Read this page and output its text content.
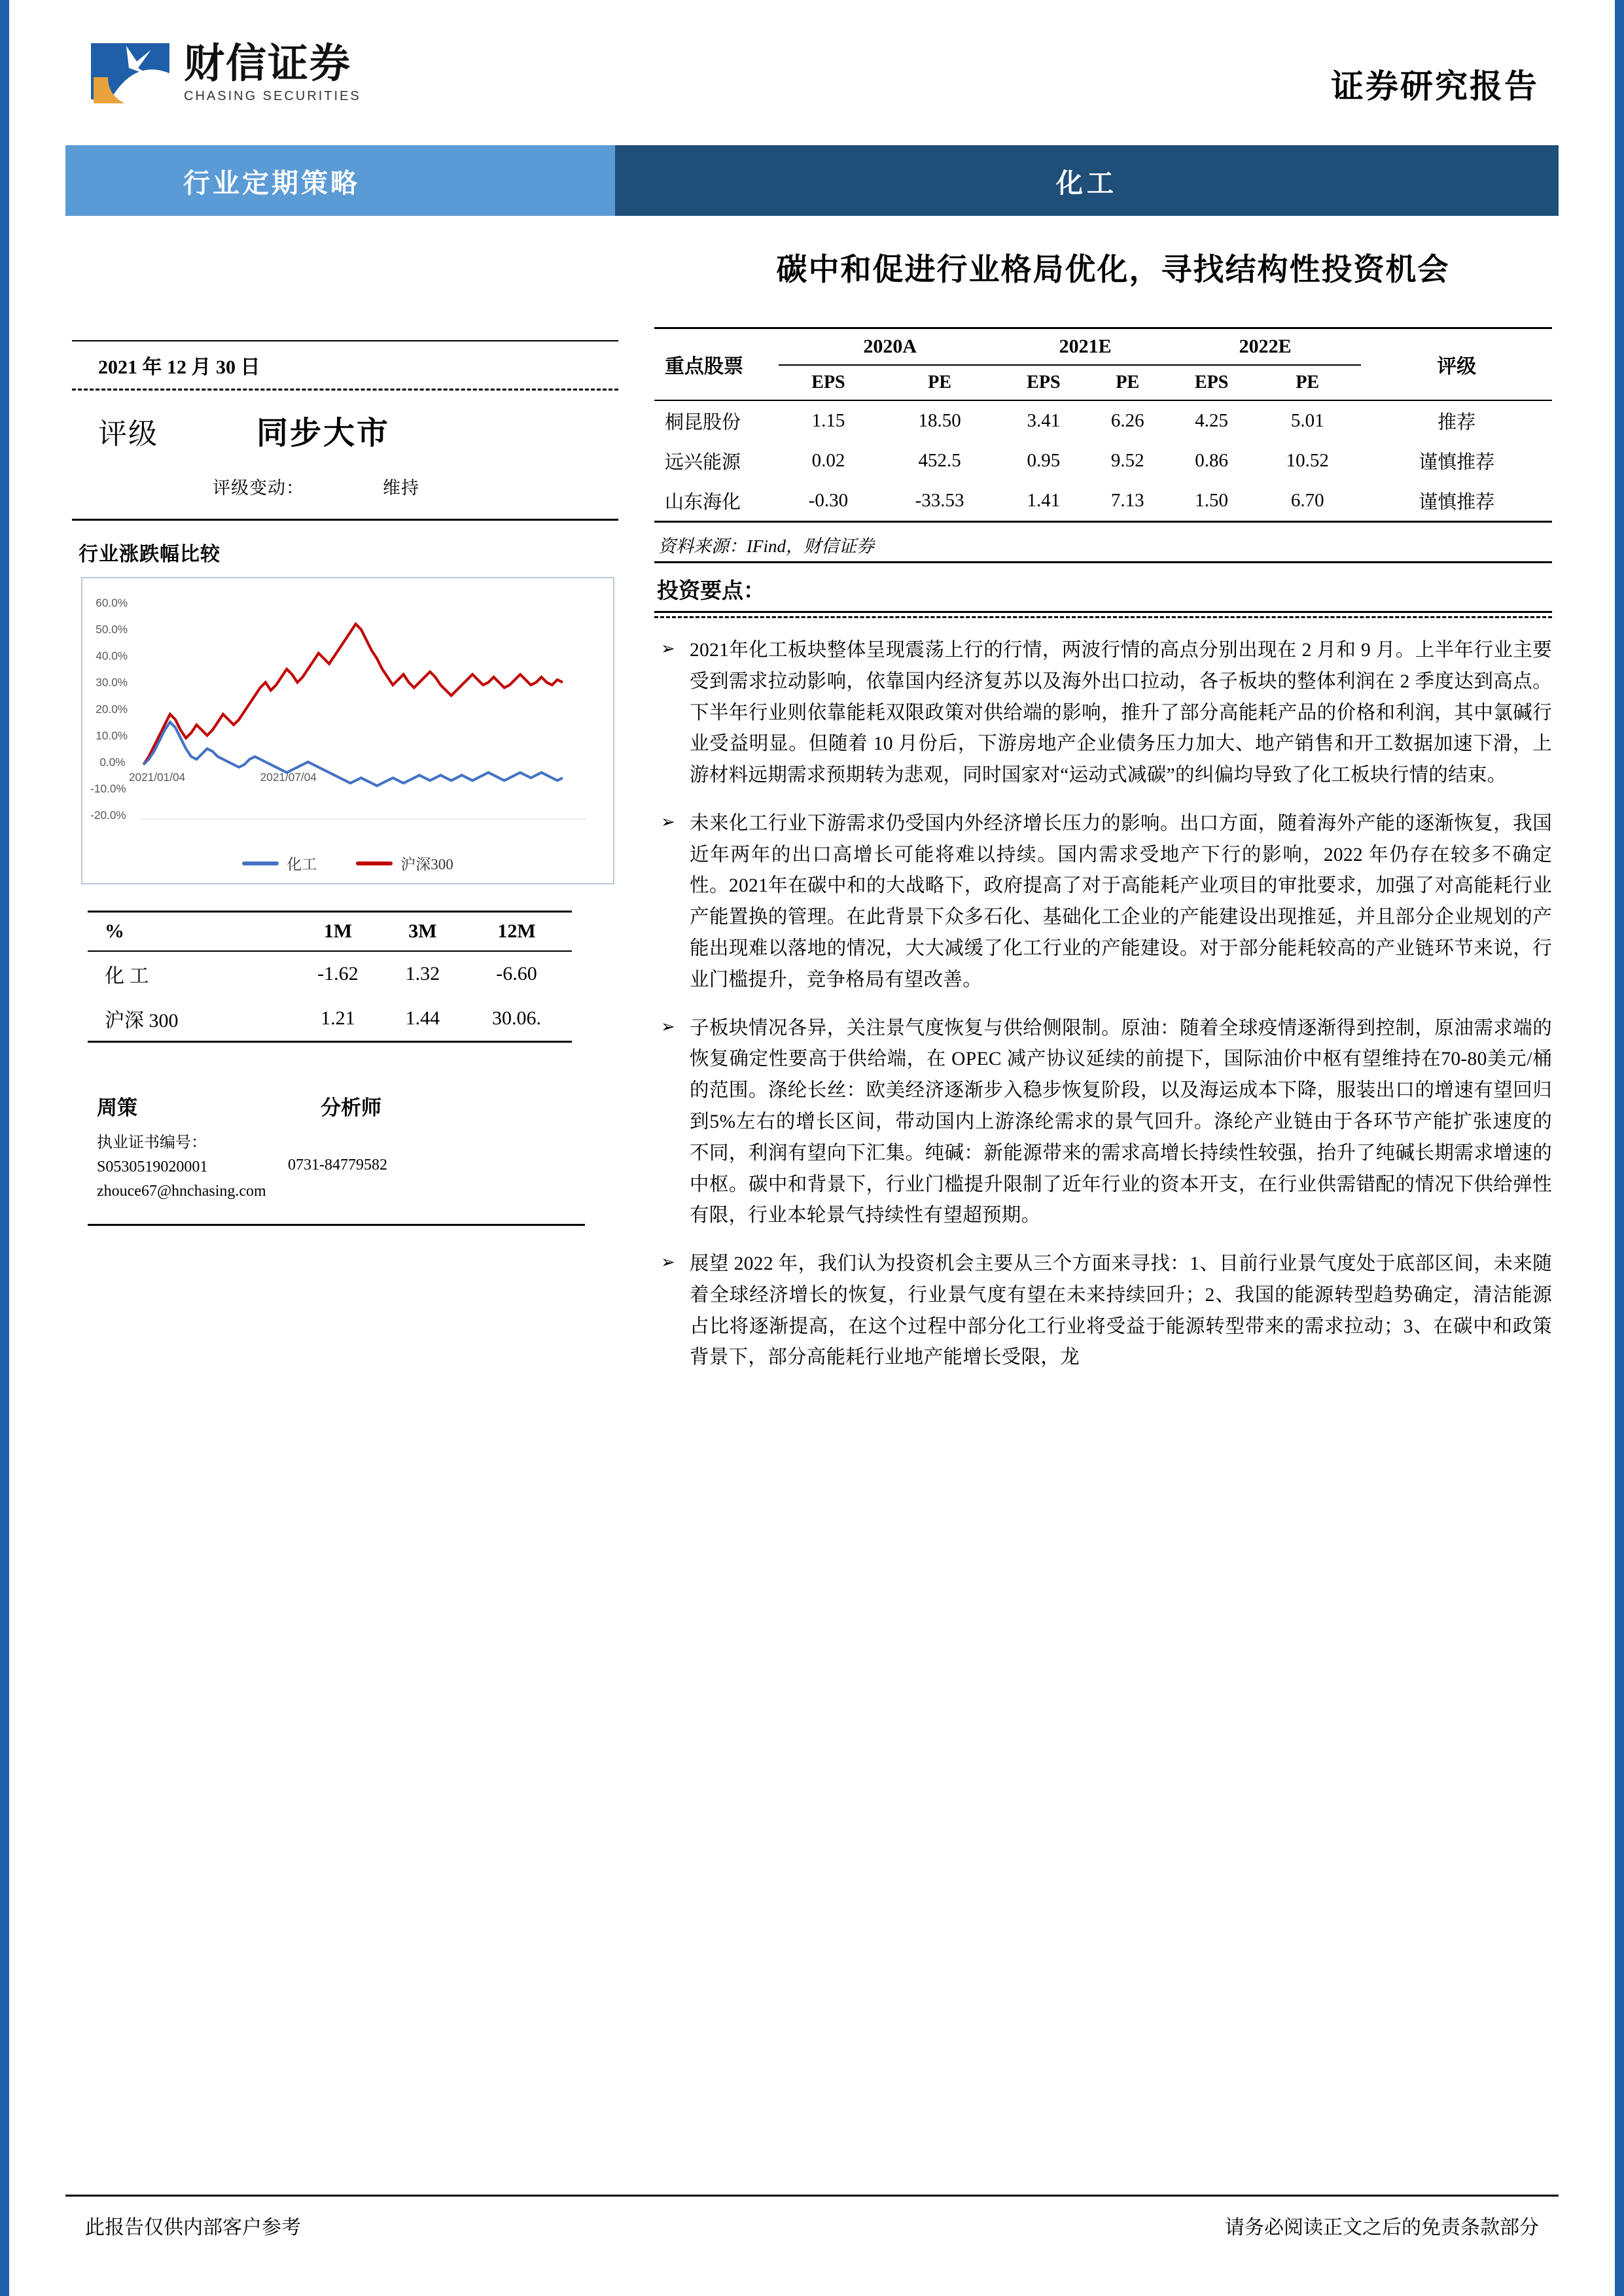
财信证券
CHASING SECURITIES	证券研究报告
行业定期策略	化工
碳中和促进行业格局优化，寻找结构性投资机会
2021 年 12 月 30 日
评级	同步大市
评级变动：	维持
行业涨跌幅比较
60.0%
50.0%
40.0%
30.0%
20.0%
10.0%
0.0%
-10.0%
-20.0%
2021/01/04	2021/07/04
化工	沪深300
%	1M	3M	12M
化 工	-1.62	1.32	-6.60
沪深 300	1.21	1.44	30.06.
周策	分析师
执业证书编号：S0530519020001
zhouce67@hnchasing.com
0731-84779582
重点股票	2020A		2021E		2022E		评级
	EPS	PE	EPS	PE	EPS	PE	
桐昆股份	1.15	18.50	3.41	6.26	4.25	5.01	推荐
远兴能源	0.02	452.5	0.95	9.52	0.86	10.52	谨慎推荐
山东海化	-0.30	-33.53	1.41	7.13	1.50	6.70	谨慎推荐
资料来源：IFind，财信证券
投资要点：
➢ 2021年化工板块整体呈现震荡上行的行情，两波行情的高点分别出现在 2 月和 9 月。上半年行业主要受到需求拉动影响，依靠国内经济复苏以及海外出口拉动，各子板块的整体利润在 2 季度达到高点。下半年行业则依靠能耗双限政策对供给端的影响，推升了部分高能耗产品的价格和利润，其中氯碱行业受益明显。但随着 10 月份后，下游房地产企业债务压力加大、地产销售和开工数据加速下滑，上游材料远期需求预期转为悲观，同时国家对“运动式减碳”的纠偏均导致了化工板块行情的结束。
➢ 未来化工行业下游需求仍受国内外经济增长压力的影响。出口方面，随着海外产能的逐渐恢复，我国近年两年的出口高增长可能将难以持续。国内需求受地产下行的影响，2022 年仍存在较多不确定性。2021年在碳中和的大战略下，政府提高了对于高能耗产业项目的审批要求，加强了对高能耗行业产能置换的管理。在此背景下众多石化、基础化工企业的产能建设出现推延，并且部分企业规划的产能出现难以落地的情况，大大减缓了化工行业的产能建设。对于部分能耗较高的产业链环节来说，行业门槛提升，竞争格局有望改善。
➢ 子板块情况各异，关注景气度恢复与供给侧限制。原油：随着全球疫情逐渐得到控制，原油需求端的恢复确定性要高于供给端，在 OPEC 减产协议延续的前提下，国际油价中枢有望维持在70-80美元/桶的范围。涤纶长丝：欧美经济逐渐步入稳步恢复阶段，以及海运成本下降，服装出口的增速有望回归到5%左右的增长区间，带动国内上游涤纶需求的景气回升。涤纶产业链由于各环节产能扩张速度的不同，利润有望向下汇集。纯碱：新能源带来的需求高增长持续性较强，抬升了纯碱长期需求增速的中枢。碳中和背景下，行业门槛提升限制了近年行业的资本开支，在行业供需错配的情况下供给弹性有限，行业本轮景气持续性有望超预期。
➢ 展望 2022 年，我们认为投资机会主要从三个方面来寻找：1、目前行业景气度处于底部区间，未来随着全球经济增长的恢复，行业景气度有望在未来持续回升；2、我国的能源转型趋势确定，清洁能源占比将逐渐提高，在这个过程中部分化工行业将受益于能源转型带来的需求拉动；3、在碳中和政策背景下，部分高能耗行业地产能增长受限，龙
此报告仅供内部客户参考	请务必阅读正文之后的免责条款部分
